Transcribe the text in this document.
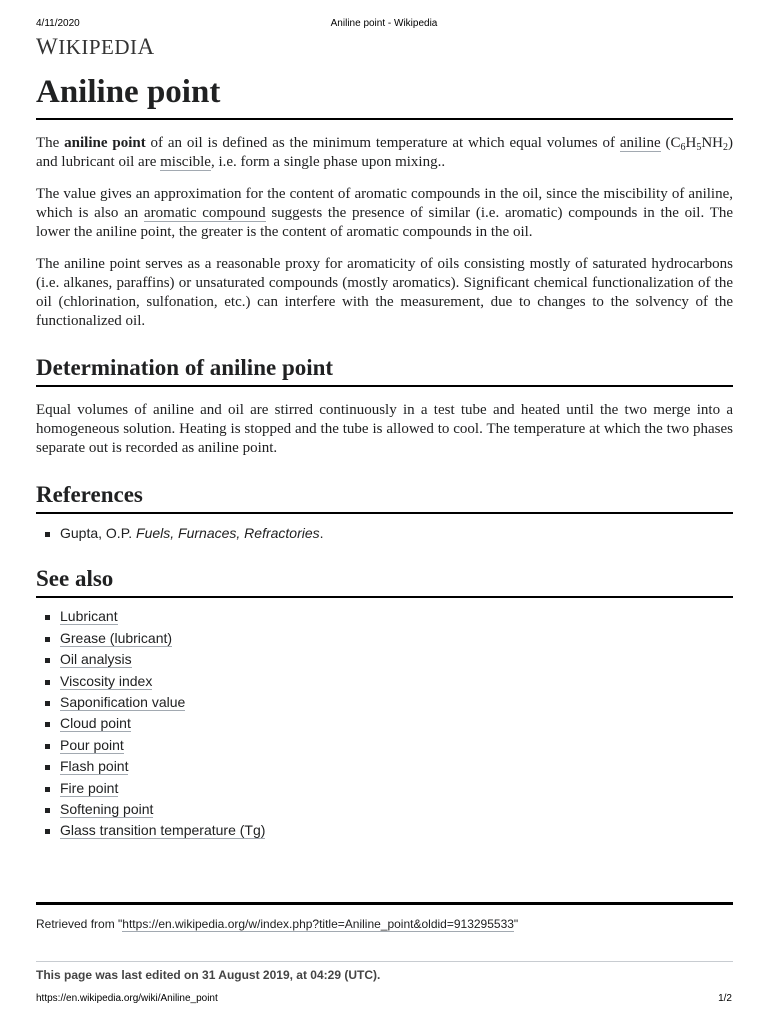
4/11/2020	Aniline point - Wikipedia
WIKIPEDIA
Aniline point

The aniline point of an oil is defined as the minimum temperature at which equal volumes of aniline $(C_6H_5NH_2)$ and lubricant oil are miscible, i.e. form a single phase upon mixing..

The value gives an approximation for the content of aromatic compounds in the oil, since the miscibility of aniline, which is also an aromatic compound suggests the presence of similar (i.e. aromatic) compounds in the oil. The lower the aniline point, the greater is the content of aromatic compounds in the oil.

The aniline point serves as a reasonable proxy for aromaticity of oils consisting mostly of saturated hydrocarbons (i.e. alkanes, paraffins) or unsaturated compounds (mostly aromatics). Significant chemical functionalization of the oil (chlorination, sulfonation, etc.) can interfere with the measurement, due to changes to the solvency of the functionalized oil.

Determination of aniline point

Equal volumes of aniline and oil are stirred continuously in a test tube and heated until the two merge into a homogeneous solution. Heating is stopped and the tube is allowed to cool. The temperature at which the two phases separate out is recorded as aniline point.

References
Gupta, O.P. Fuels, Furnaces, Refractories.
See also
Lubricant
Grease (lubricant)
Oil analysis
Viscosity index
Saponification value
Cloud point
Pour point
Flash point
Fire point
Softening point
Glass transition temperature (Tg)
Retrieved from "https://en.wikipedia.org/w/index.php?title=Aniline_point&oldid=913295533"
This page was last edited on 31 August 2019, at 04:29 (UTC).
https://en.wikipedia.org/wiki/Aniline_point	1/2
